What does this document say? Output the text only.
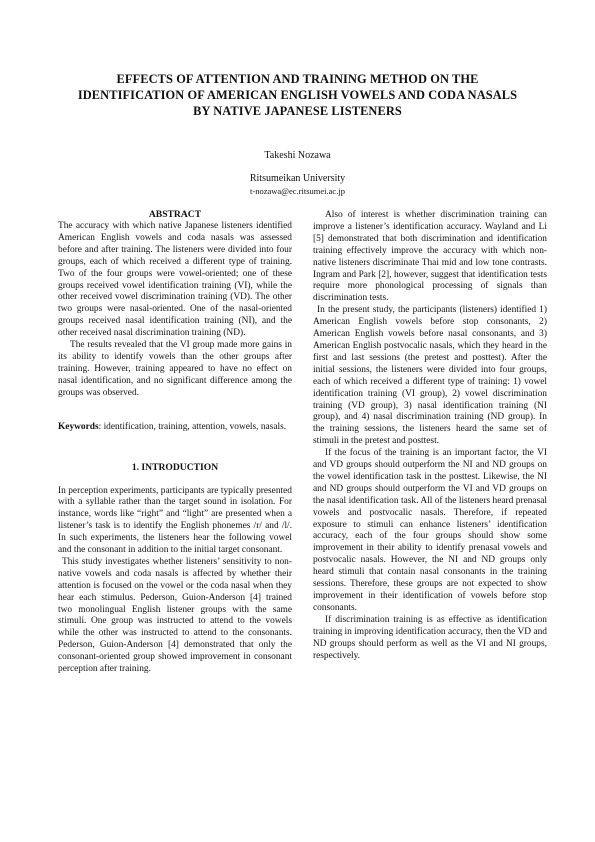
EFFECTS OF ATTENTION AND TRAINING METHOD ON THE
IDENTIFICATION OF AMERICAN ENGLISH VOWELS AND CODA NASALS
BY NATIVE JAPANESE LISTENERS
Takeshi Nozawa
Ritsumeikan University
t-nozawa@ec.ritsumei.ac.jp
ABSTRACT

The accuracy with which native Japanese listeners identified American English vowels and coda nasals was assessed before and after training. The listeners were divided into four groups, each of which received a different type of training. Two of the four groups were vowel-oriented; one of these groups received vowel identification training (VI), while the other received vowel discrimination training (VD). The other two groups were nasal-oriented. One of the nasal-oriented groups received nasal identification training (NI), and the other received nasal discrimination training (ND).

The results revealed that the VI group made more gains in its ability to identify vowels than the other groups after training. However, training appeared to have no effect on nasal identification, and no significant difference among the groups was observed.

Keywords: identification, training, attention, vowels, nasals.

1. INTRODUCTION

In perception experiments, participants are typically presented with a syllable rather than the target sound in isolation. For instance, words like “right” and “light” are presented when a listener’s task is to identify the English phonemes /r/ and /l/. In such experiments, the listeners hear the following vowel and the consonant in addition to the initial target consonant.

This study investigates whether listeners’ sensitivity to non-native vowels and coda nasals is affected by whether their attention is focused on the vowel or the coda nasal when they hear each stimulus. Pederson, Guion-Anderson [4] trained two monolingual English listener groups with the same stimuli. One group was instructed to attend to the vowels while the other was instructed to attend to the consonants. Pederson, Guion-Anderson [4] demonstrated that only the consonant-oriented group showed improvement in consonant perception after training.

Also of interest is whether discrimination training can improve a listener’s identification accuracy. Wayland and Li [5] demonstrated that both discrimination and identification training effectively improve the accuracy with which non-native listeners discriminate Thai mid and low tone contrasts. Ingram and Park [2], however, suggest that identification tests require more phonological processing of signals than discrimination tests.

In the present study, the participants (listeners) identified 1) American English vowels before stop consonants, 2) American English vowels before nasal consonants, and 3) American English postvocalic nasals, which they heard in the first and last sessions (the pretest and posttest). After the initial sessions, the listeners were divided into four groups, each of which received a different type of training: 1) vowel identification training (VI group), 2) vowel discrimination training (VD group), 3) nasal identification training (NI group), and 4) nasal discrimination training (ND group). In the training sessions, the listeners heard the same set of stimuli in the pretest and posttest.

If the focus of the training is an important factor, the VI and VD groups should outperform the NI and ND groups on the vowel identification task in the posttest. Likewise, the NI and ND groups should outperform the VI and VD groups on the nasal identification task. All of the listeners heard prenasal vowels and postvocalic nasals. Therefore, if repeated exposure to stimuli can enhance listeners’ identification accuracy, each of the four groups should show some improvement in their ability to identify prenasal vowels and postvocalic nasals. However, the NI and ND groups only heard stimuli that contain nasal consonants in the training sessions. Therefore, these groups are not expected to show improvement in their identification of vowels before stop consonants.

If discrimination training is as effective as identification training in improving identification accuracy, then the VD and ND groups should perform as well as the VI and NI groups, respectively.
